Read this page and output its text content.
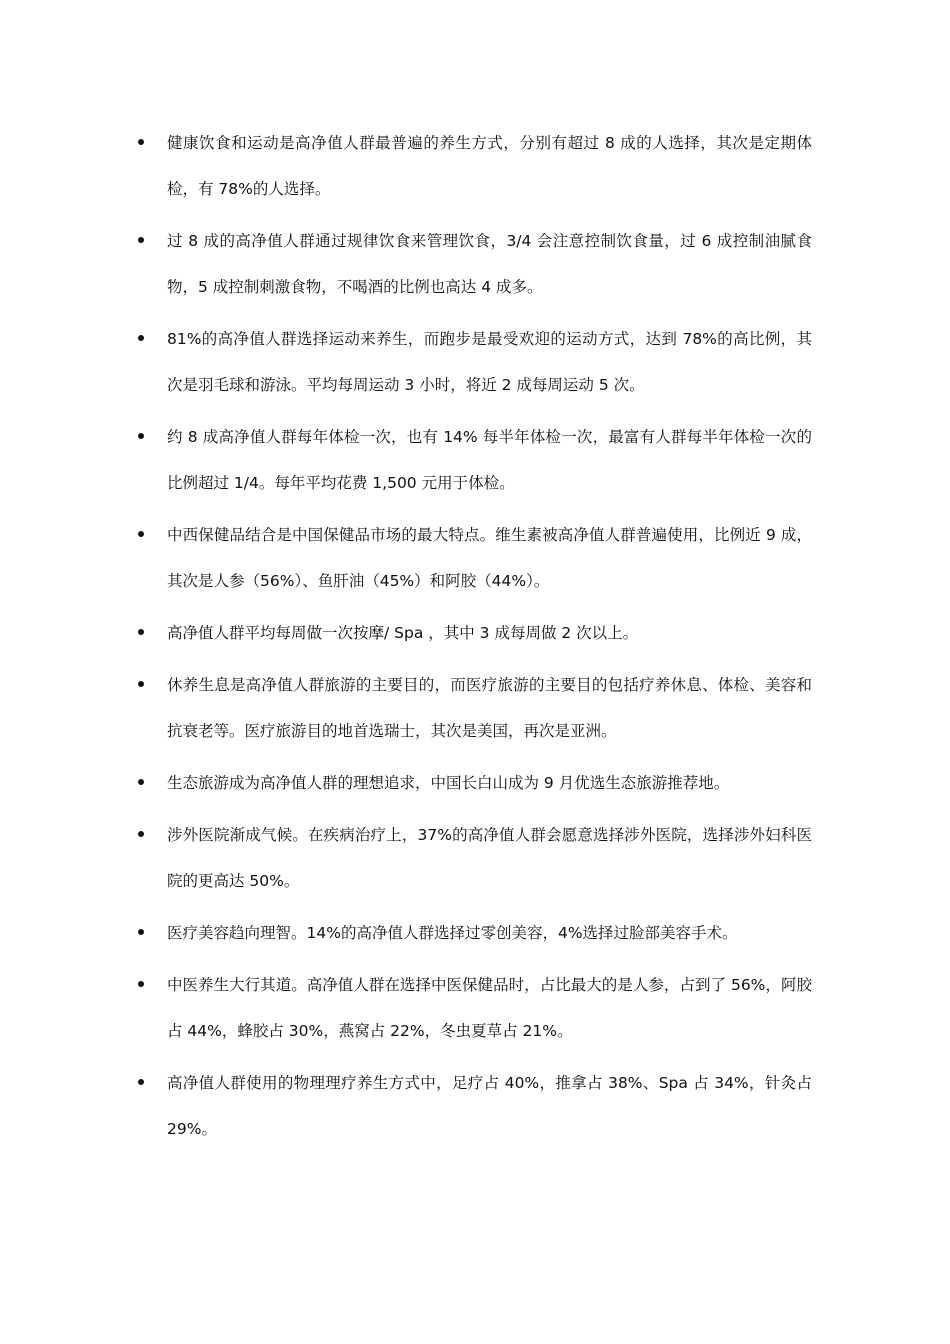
健康饮食和运动是高净值人群最普遍的养生方式，分别有超过 8 成的人选择，其次是定期体检，有 78%的人选择。
过 8 成的高净值人群通过规律饮食来管理饮食，3/4 会注意控制饮食量，过 6 成控制油腻食物，5 成控制刺激食物，不喝酒的比例也高达 4 成多。
81%的高净值人群选择运动来养生，而跑步是最受欢迎的运动方式，达到 78%的高比例，其次是羽毛球和游泳。平均每周运动 3 小时，将近 2 成每周运动 5 次。
约 8 成高净值人群每年体检一次，也有 14% 每半年体检一次，最富有人群每半年体检一次的比例超过 1/4。每年平均花费 1,500 元用于体检。
中西保健品结合是中国保健品市场的最大特点。维生素被高净值人群普遍使用，比例近 9 成，其次是人参（56%）、鱼肝油（45%）和阿胶（44%）。
高净值人群平均每周做一次按摩/ Spa ，其中 3 成每周做 2 次以上。
休养生息是高净值人群旅游的主要目的，而医疗旅游的主要目的包括疗养休息、体检、美容和抗衰老等。医疗旅游目的地首选瑞士，其次是美国，再次是亚洲。
生态旅游成为高净值人群的理想追求，中国长白山成为 9 月优选生态旅游推荐地。
涉外医院渐成气候。在疾病治疗上，37%的高净值人群会愿意选择涉外医院，选择涉外妇科医院的更高达 50%。
医疗美容趋向理智。14%的高净值人群选择过零创美容，4%选择过脸部美容手术。
中医养生大行其道。高净值人群在选择中医保健品时，占比最大的是人参，占到了 56%，阿胶占 44%，蜂胶占 30%，燕窝占 22%，冬虫夏草占 21%。
高净值人群使用的物理理疗养生方式中，足疗占 40%，推拿占 38%、Spa 占 34%，针灸占 29%。
